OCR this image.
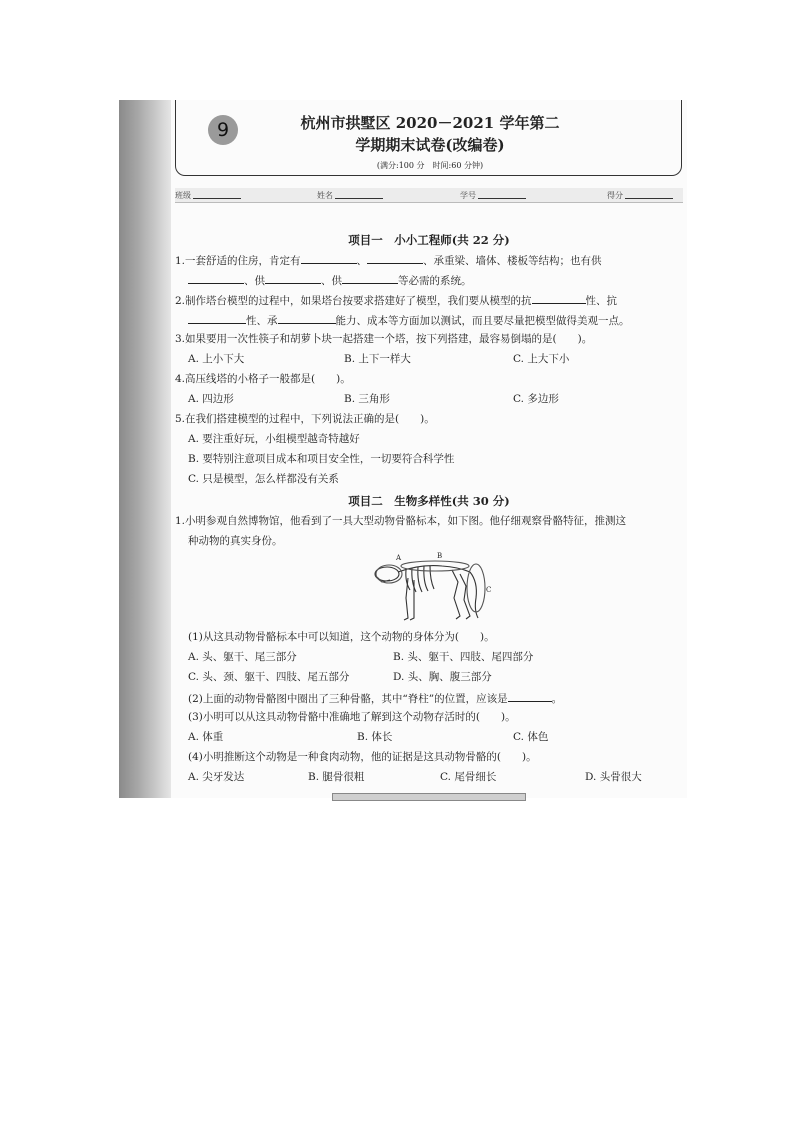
9	杭州市拱墅区 2020－2021 学年第二
学期期末试卷(改编卷)
(满分:100 分　时间:60 分钟)
班级	姓名	学号	得分
项目一　小小工程师(共 22 分)
1.一套舒适的住房，肯定有	、	、承重梁、墙体、楼板等结构；也有供
、供	、供	等必需的系统。
2.制作塔台模型的过程中，如果塔台按要求搭建好了模型，我们要从模型的抗	性、抗
性、承	能力、成本等方面加以测试，而且要尽量把模型做得美观一点。
3.如果要用一次性筷子和胡萝卜块一起搭建一个塔，按下列搭建，最容易倒塌的是(　　)。
A. 上小下大	B. 上下一样大	C. 上大下小
4.高压线塔的小格子一般都是(　　)。
A. 四边形	B. 三角形	C. 多边形
5.在我们搭建模型的过程中，下列说法正确的是(　　)。
A. 要注重好玩，小组模型越奇特越好
B. 要特别注意项目成本和项目安全性，一切要符合科学性
C. 只是模型，怎么样都没有关系
项目二　生物多样性(共 30 分)
1.小明参观自然博物馆，他看到了一具大型动物骨骼标本，如下图。他仔细观察骨骼特征，推测这
种动物的真实身份。
A	B
C
(1)从这具动物骨骼标本中可以知道，这个动物的身体分为(　　)。
A. 头、躯干、尾三部分	B. 头、躯干、四肢、尾四部分
C. 头、颈、躯干、四肢、尾五部分	D. 头、胸、腹三部分
(2)上面的动物骨骼图中圈出了三种骨骼，其中“脊柱”的位置，应该是	。
(3)小明可以从这具动物骨骼中准确地了解到这个动物存活时的(　　)。
A. 体重	B. 体长	C. 体色
(4)小明推断这个动物是一种食肉动物，他的证据是这具动物骨骼的(　　)。
A. 尖牙发达	B. 腿骨很粗	C. 尾骨细长	D. 头骨很大
